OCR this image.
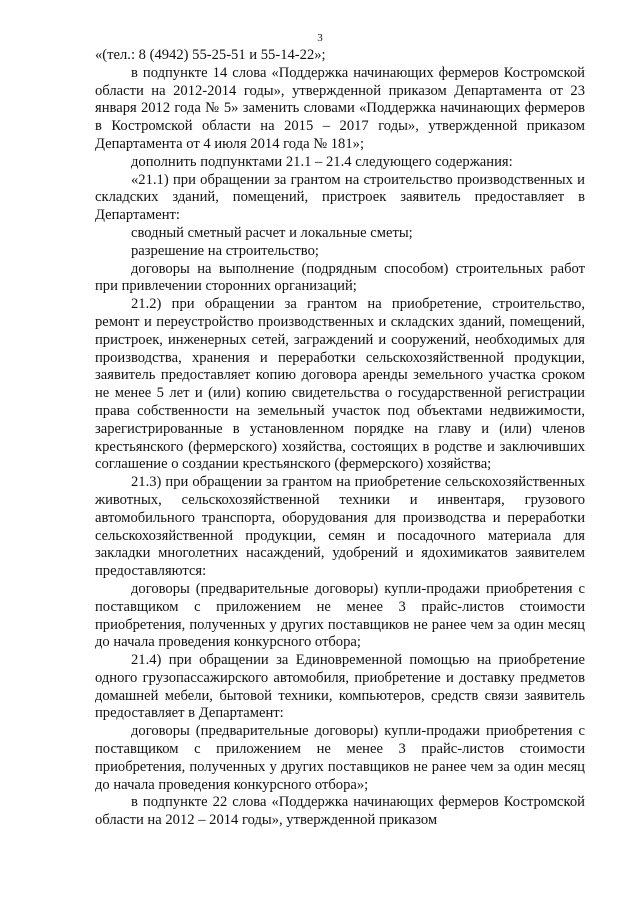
3

«(тел.: 8 (4942) 55-25-51 и 55-14-22»;

в подпункте 14 слова «Поддержка начинающих фермеров Костромской области на 2012-2014 годы», утвержденной приказом Департамента от 23 января 2012 года № 5» заменить словами «Поддержка начинающих фермеров в Костромской области на 2015 – 2017 годы», утвержденной приказом Департамента от 4 июля 2014 года № 181»;

дополнить подпунктами 21.1 – 21.4 следующего содержания:

«21.1) при обращении за грантом на строительство производственных и складских зданий, помещений, пристроек заявитель предоставляет в Департамент:

сводный сметный расчет и локальные сметы;

разрешение на строительство;

договоры на выполнение (подрядным способом) строительных работ при привлечении сторонних организаций;

21.2) при обращении за грантом на приобретение, строительство, ремонт и переустройство производственных и складских зданий, помещений, пристроек, инженерных сетей, заграждений и сооружений, необходимых для производства, хранения и переработки сельскохозяйственной продукции, заявитель предоставляет копию договора аренды земельного участка сроком не менее 5 лет и (или) копию свидетельства о государственной регистрации права собственности на земельный участок под объектами недвижимости, зарегистрированные в установленном порядке на главу и (или) членов крестьянского (фермерского) хозяйства, состоящих в родстве и заключивших соглашение о создании крестьянского (фермерского) хозяйства;

21.3) при обращении за грантом на приобретение сельскохозяйственных животных, сельскохозяйственной техники и инвентаря, грузового автомобильного транспорта, оборудования для производства и переработки сельскохозяйственной продукции, семян и посадочного материала для закладки многолетних насаждений, удобрений и ядохимикатов заявителем предоставляются:

договоры (предварительные договоры) купли-продажи приобретения с поставщиком с приложением не менее 3 прайс-листов стоимости приобретения, полученных у других поставщиков не ранее чем за один месяц до начала проведения конкурсного отбора;

21.4) при обращении за Единовременной помощью на приобретение одного грузопассажирского автомобиля, приобретение и доставку предметов домашней мебели, бытовой техники, компьютеров, средств связи заявитель предоставляет в Департамент:

договоры (предварительные договоры) купли-продажи приобретения с поставщиком с приложением не менее 3 прайс-листов стоимости приобретения, полученных у других поставщиков не ранее чем за один месяц до начала проведения конкурсного отбора»;

в подпункте 22 слова «Поддержка начинающих фермеров Костромской области на 2012 – 2014 годы», утвержденной приказом
